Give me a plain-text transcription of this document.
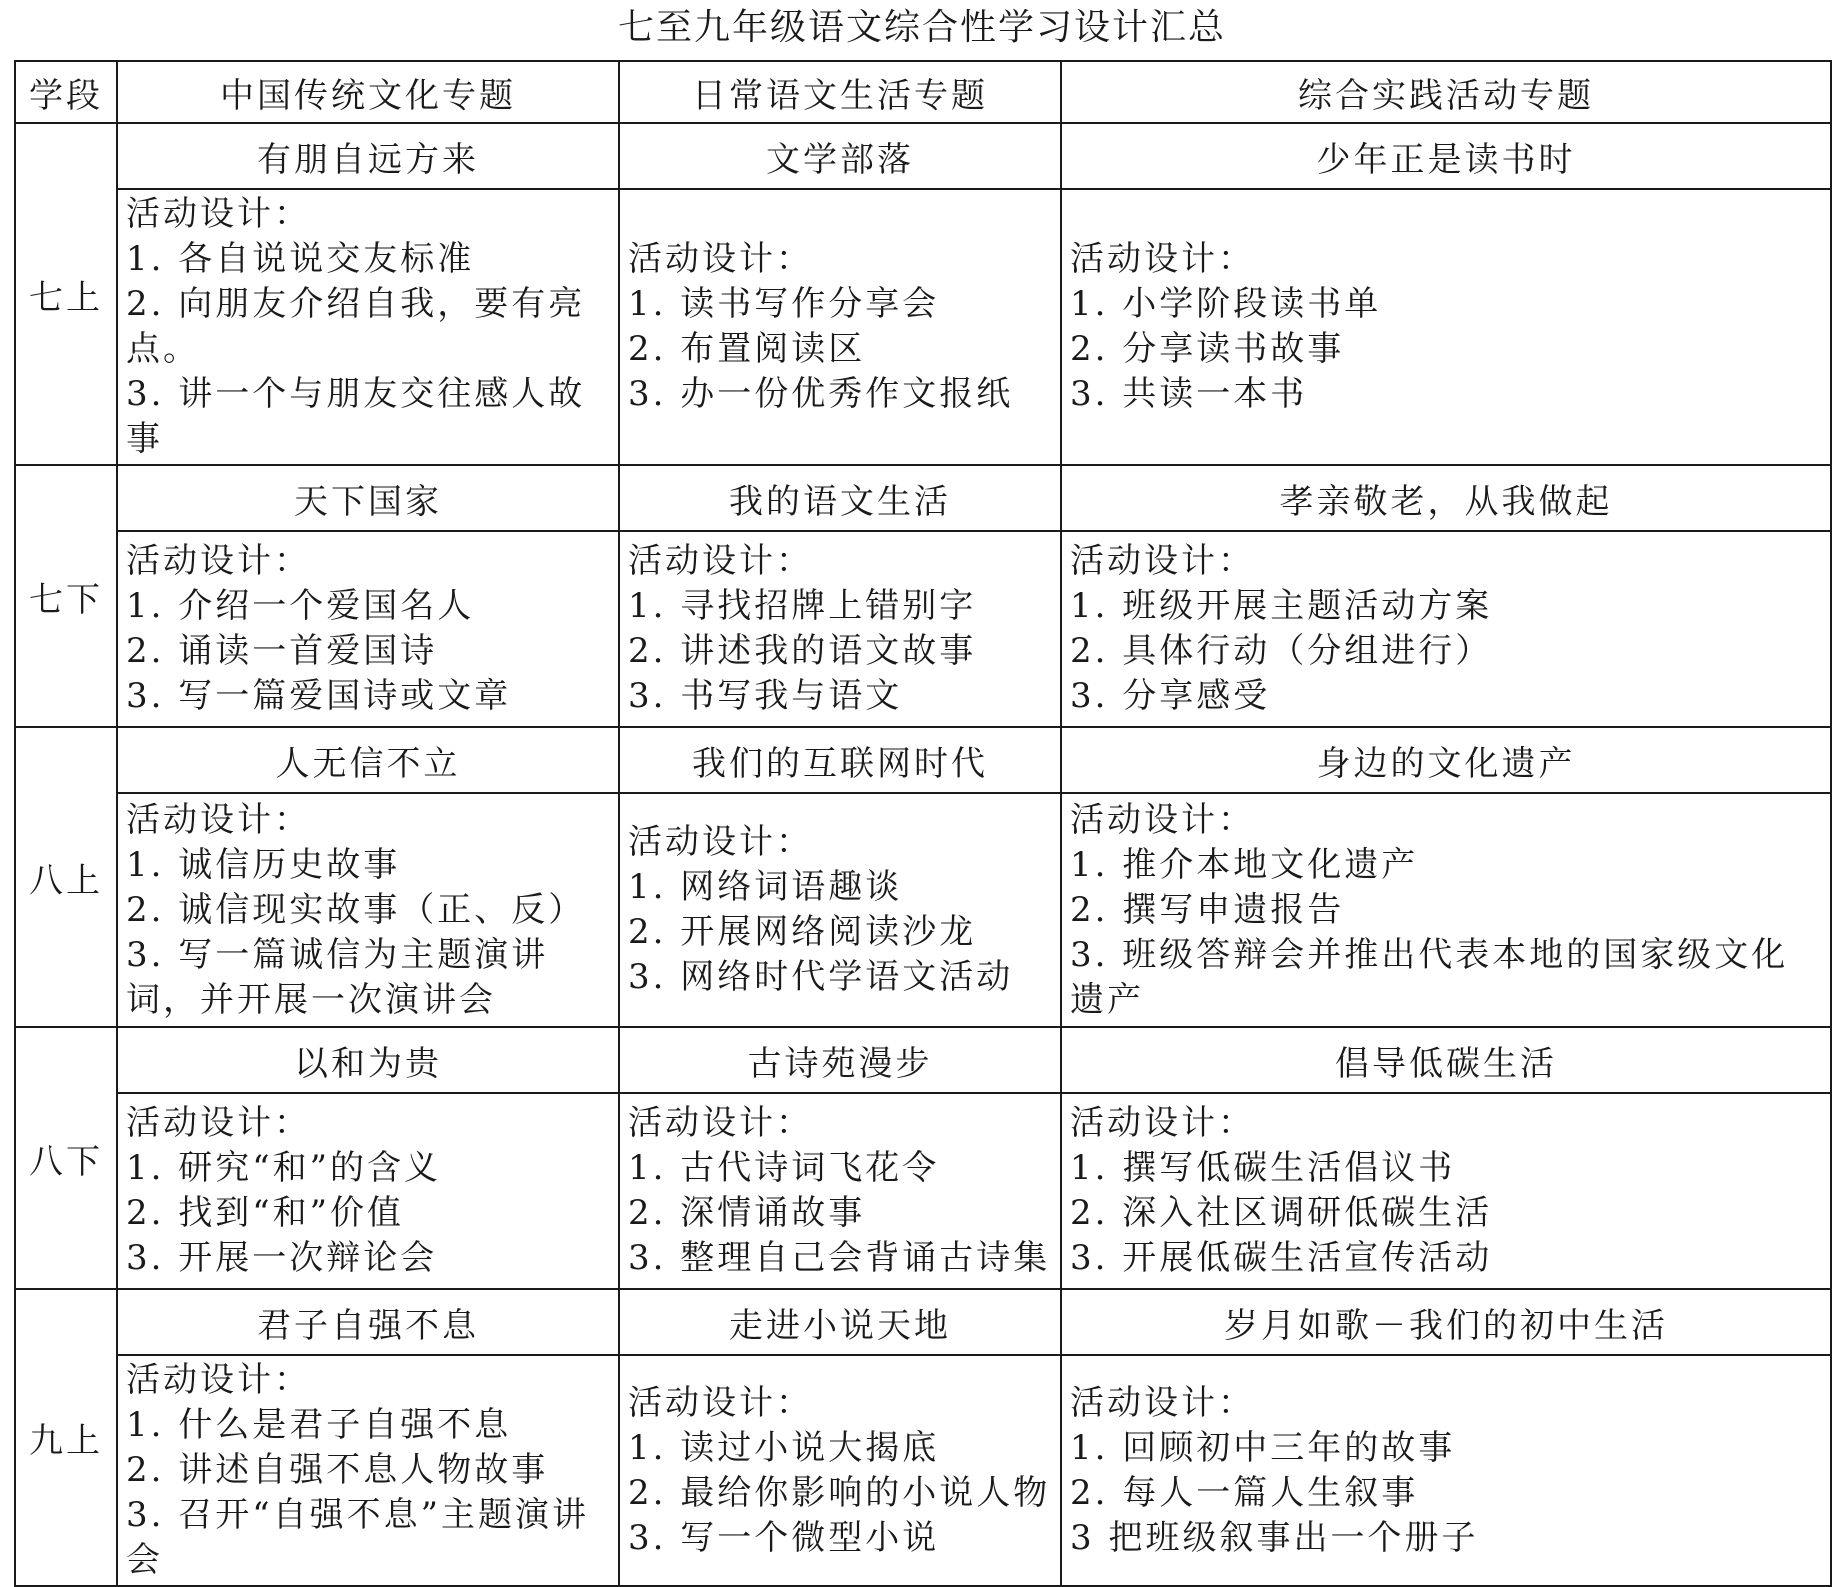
七至九年级语文综合性学习设计汇总
学段	中国传统文化专题	日常语文生活专题	综合实践活动专题
七上	有朋自远方来	文学部落	少年正是读书时

	活动设计：
1. 各自说说交友标准
2. 向朋友介绍自我，要有亮点。
3. 讲一个与朋友交往感人故事	活动设计：
1. 读书写作分享会
2. 布置阅读区
3. 办一份优秀作文报纸	活动设计：
1. 小学阶段读书单
2. 分享读书故事
3. 共读一本书

七下	天下国家	我的语文生活	孝亲敬老，从我做起

	活动设计：
1. 介绍一个爱国名人
2. 诵读一首爱国诗
3. 写一篇爱国诗或文章	活动设计：
1. 寻找招牌上错别字
2. 讲述我的语文故事
3. 书写我与语文	活动设计：
1. 班级开展主题活动方案
2. 具体行动（分组进行）
3. 分享感受

八上	人无信不立	我们的互联网时代	身边的文化遗产

	活动设计：
1. 诚信历史故事
2. 诚信现实故事（正、反）
3. 写一篇诚信为主题演讲词，并开展一次演讲会	活动设计：
1. 网络词语趣谈
2. 开展网络阅读沙龙
3. 网络时代学语文活动	活动设计：
1. 推介本地文化遗产
2. 撰写申遗报告
3. 班级答辩会并推出代表本地的国家级文化遗产

八下	以和为贵	古诗苑漫步	倡导低碳生活

	活动设计：
1. 研究“和”的含义
2. 找到“和”价值
3. 开展一次辩论会	活动设计：
1. 古代诗词飞花令
2. 深情诵故事
3. 整理自己会背诵古诗集	活动设计：
1. 撰写低碳生活倡议书
2. 深入社区调研低碳生活
3. 开展低碳生活宣传活动

九上	君子自强不息	走进小说天地	岁月如歌－我们的初中生活

	活动设计：
1. 什么是君子自强不息
2. 讲述自强不息人物故事
3. 召开“自强不息”主题演讲会	活动设计：
1. 读过小说大揭底
2. 最给你影响的小说人物
3. 写一个微型小说	活动设计：
1. 回顾初中三年的故事
2. 每人一篇人生叙事
3 把班级叙事出一个册子
